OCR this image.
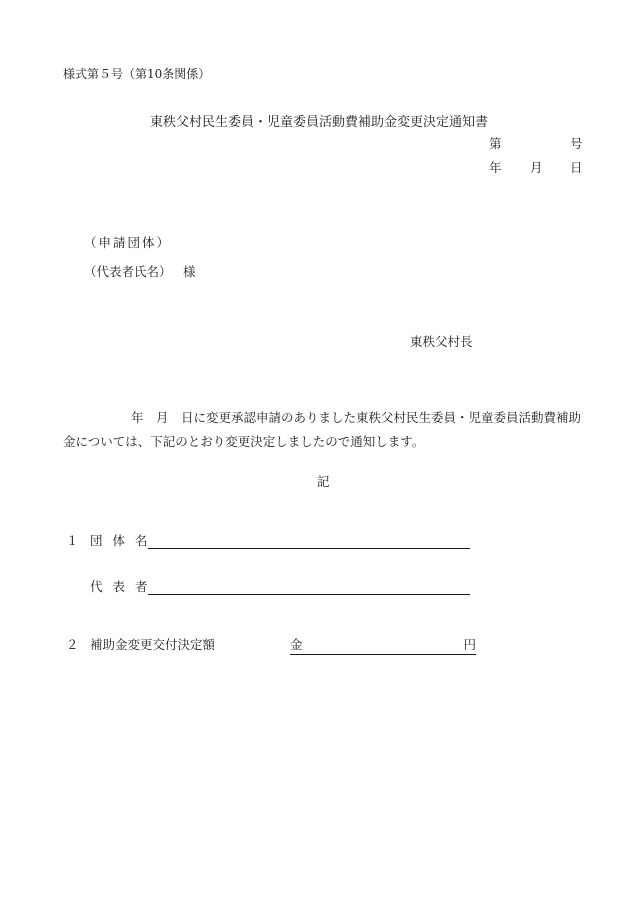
様式第５号（第10条関係）
東秩父村民生委員・児童委員活動費補助金変更決定通知書
第	号
年 月 日
（申請団体）
（代表者氏名） 様
東秩父村長
年　月　日に変更承認申請のありました東秩父村民生委員・児童委員活動費補助金については、下記のとおり変更決定しましたので通知します。
記
１ 団 体 名
代 表 者
２ 補助金変更交付決定額	金	円
